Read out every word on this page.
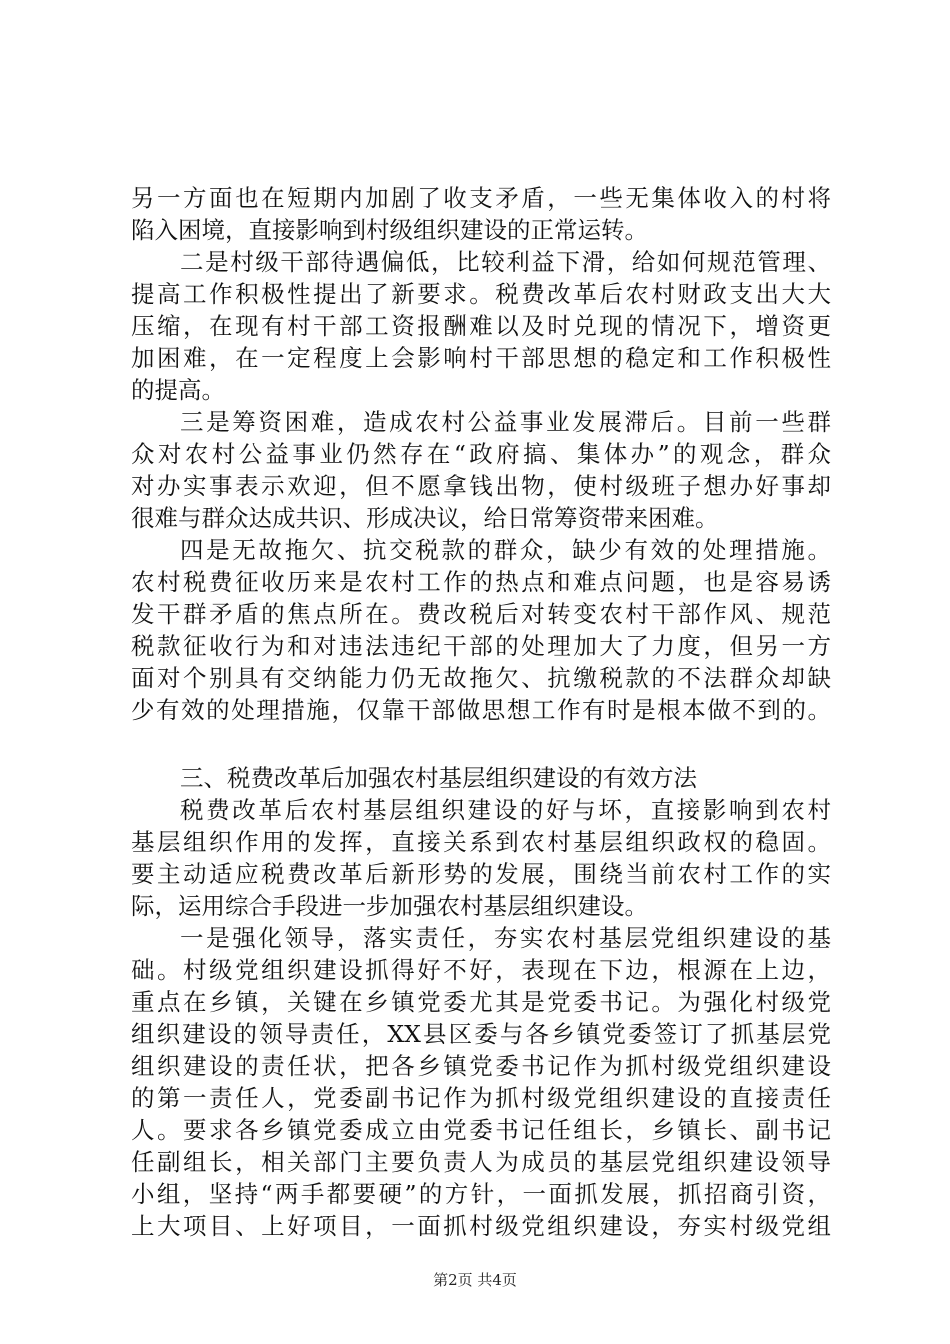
另一方面也在短期内加剧了收支矛盾，一些无集体收入的村将
陷入困境，直接影响到村级组织建设的正常运转。
二是村级干部待遇偏低，比较利益下滑，给如何规范管理、
提高工作积极性提出了新要求。税费改革后农村财政支出大大
压缩，在现有村干部工资报酬难以及时兑现的情况下，增资更
加困难，在一定程度上会影响村干部思想的稳定和工作积极性
的提高。
三是筹资困难，造成农村公益事业发展滞后。目前一些群
众对农村公益事业仍然存在“政府搞、集体办”的观念，群众
对办实事表示欢迎，但不愿拿钱出物，使村级班子想办好事却
很难与群众达成共识、形成决议，给日常筹资带来困难。
四是无故拖欠、抗交税款的群众，缺少有效的处理措施。
农村税费征收历来是农村工作的热点和难点问题，也是容易诱
发干群矛盾的焦点所在。费改税后对转变农村干部作风、规范
税款征收行为和对违法违纪干部的处理加大了力度，但另一方
面对个别具有交纳能力仍无故拖欠、抗缴税款的不法群众却缺
少有效的处理措施，仅靠干部做思想工作有时是根本做不到的。
三、税费改革后加强农村基层组织建设的有效方法
税费改革后农村基层组织建设的好与坏，直接影响到农村
基层组织作用的发挥，直接关系到农村基层组织政权的稳固。
要主动适应税费改革后新形势的发展，围绕当前农村工作的实
际，运用综合手段进一步加强农村基层组织建设。
一是强化领导，落实责任，夯实农村基层党组织建设的基
础。村级党组织建设抓得好不好，表现在下边，根源在上边，
重点在乡镇，关键在乡镇党委尤其是党委书记。为强化村级党
组织建设的领导责任，XX县区委与各乡镇党委签订了抓基层党
组织建设的责任状，把各乡镇党委书记作为抓村级党组织建设
的第一责任人，党委副书记作为抓村级党组织建设的直接责任
人。要求各乡镇党委成立由党委书记任组长，乡镇长、副书记
任副组长，相关部门主要负责人为成员的基层党组织建设领导
小组，坚持“两手都要硬”的方针，一面抓发展，抓招商引资，
上大项目、上好项目，一面抓村级党组织建设，夯实村级党组
第2页 共4页
